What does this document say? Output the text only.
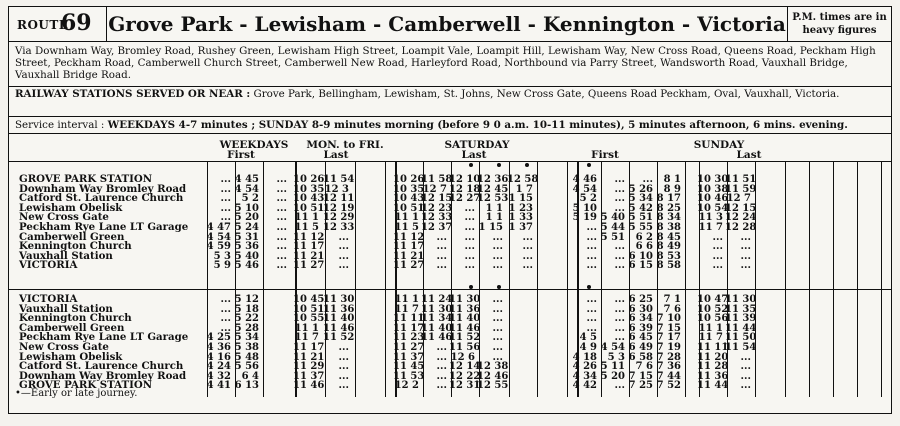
ROUTE
69 Grove Park - Lewisham - Camberwell - Kennington - Victoria P.M. times are in heavy figures
Via Downham Way, Bromley Road, Rushey Green, Lewisham High Street, Loampit Vale, Loampit Hill, Lewisham Way, New Cross Road, Queens Road, Peckham High Street, Peckham Road, Camberwell Church Street, Camberwell New Road, Harleyford Road, Northbound via Parry Street, Wandsworth Road, Vauxhall Bridge, Vauxhall Bridge Road.
RAILWAY STATIONS SERVED OR NEAR : Grove Park, Bellingham, Lewisham, St. Johns, New Cross Gate, Queens Road Peckham, Oval, Vauxhall, Victoria.
Service interval : WEEKDAYS 4-7 minutes ; SUNDAY 8-9 minutes morning (before 9 0 a.m. 10-11 minutes), 5 minutes afternoon, 6 mins. evening.
WEEKDAYS
First
MON. to FRI.
Last
SATURDAY
Last	First
SUNDAY
Last
GROVE PARK STATION
Downham Way Bromley Road
Catford St. Laurence Church
Lewisham Obelisk
New Cross Gate
Peckham Rye Lane LT Garage
Camberwell Green
Kennington Church
Vauxhall Station
VICTORIA
VICTORIA
Vauxhall Station
Kennington Church
Camberwell Green
Peckham Rye Lane LT Garage
New Cross Gate
Lewisham Obelisk
Catford St. Laurence Church
Downham Way Bromley Road
GROVE PARK STATION
...
...
...
...
...
4 47
4 54
4 59
5 3
5 9
4 45
4 54
5 2
5 10
5 20
5 24
5 31
5 36
5 40
5 46
...
...
...
...
...
...
...
...
...
...
...
...
...
...
4 25
4 36
4 16
4 24
4 32
4 41
5 12
5 18
5 22
5 28
5 34
5 38
5 48
5 56
6 4
6 13
10 26
10 35
10 43
10 51
11 1
11 5
11 12
11 17
11 21
11 27
11 54
12 3
12 11
12 19
12 29
12 33
...
...
...
...
10 45
10 51
10 55
11 1
11 7
11 17
11 21
11 29
11 37
11 46
11 30
11 36
11 40
11 46
11 52
...
...
...
...
...
10 26
10 35
10 43
10 51
11 1
11 5
11 12
11 17
11 21
11 27
11 58
12 7
12 15
12 23
12 33
12 37
...
...
...
...
12 10
12 18
12 27
...
...
...
...
...
...
...
12 36
12 45
12 53
1 1
1 1
1 15
...
...
...
...
12 58
1 7
1 15
1 23
1 33
1 37
...
...
...
...
11 1
11 7
11 11
11 17
11 23
11 27
11 37
11 45
11 53
12 2
11 24
11 30
11 34
11 40
11 46
...
...
...
...
...
11 30
11 36
11 40
11 46
11 52
11 56
12 6
12 14
12 22
12 31
...
...
...
...
...
...
...
12 38
12 46
12 55
4 46
4 54
5 2
5 10
5 19
...
...
...
...
...
...
...
...
...
5 40
5 44
5 51
...
...
...
...
5 26
5 34
5 42
5 51
5 55
6 2
6 6
6 10
6 15
8 1
8 9
8 17
8 25
8 34
8 38
8 45
8 49
8 53
8 58
10 30
10 38
10 46
10 54
11 3
11 7
...
...
...
...
11 51
11 59
12 7
12 15
12 24
12 28
...
...
...
...
...
...
...
...
4 5
4 9
4 18
4 26
4 34
4 42
...
...
...
...
...
4 54
5 3
5 11
5 20
...
6 25
6 30
6 34
6 39
6 45
6 49
6 58
7 6
7 15
7 25
7 1
7 6
7 10
7 15
7 17
7 19
7 28
7 36
7 44
7 52
10 47
10 52
10 56
11 1
11 7
11 11
11 20
11 28
11 36
11 44
11 30
11 35
11 39
11 44
11 50
11 54
...
...
...
...
•—Early or late journey.
